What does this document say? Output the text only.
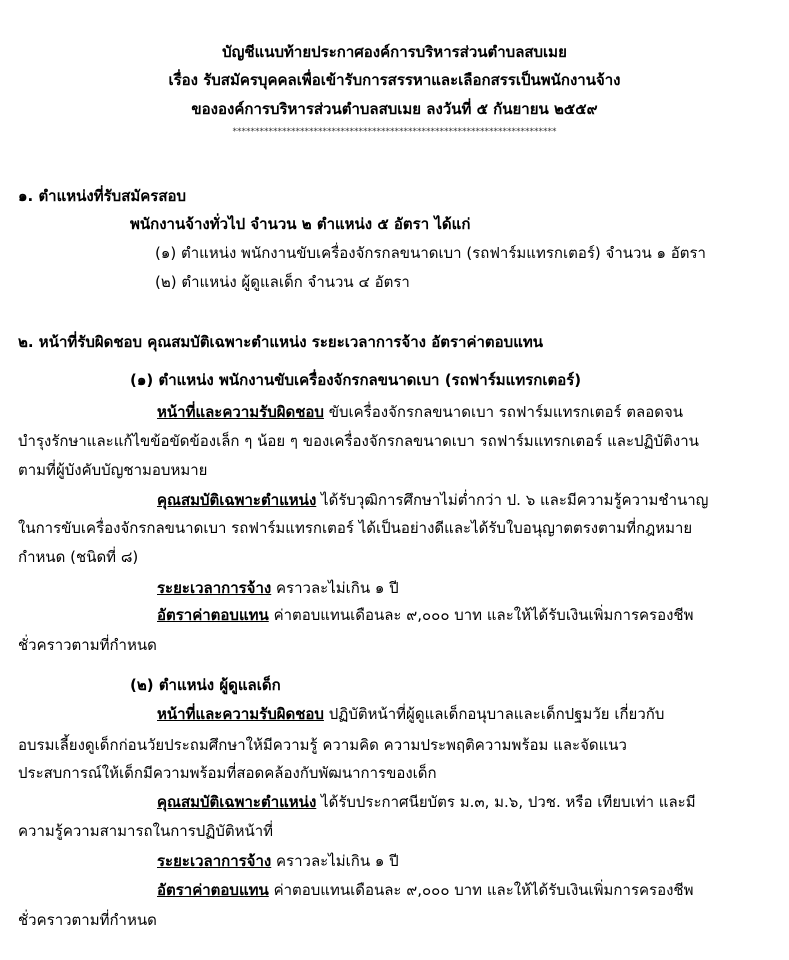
บัญชีแนบท้ายประกาศองค์การบริหารส่วนตำบลสบเมย
เรื่อง รับสมัครบุคคลเพื่อเข้ารับการสรรหาและเลือกสรรเป็นพนักงานจ้าง
ขององค์การบริหารส่วนตำบลสบเมย ลงวันที่ ๕ กันยายน ๒๕๕๙
************************************************************************
๑. ตำแหน่งที่รับสมัครสอบ
พนักงานจ้างทั่วไป จำนวน ๒ ตำแหน่ง ๕ อัตรา ได้แก่
(๑) ตำแหน่ง พนักงานขับเครื่องจักรกลขนาดเบา (รถฟาร์มแทรกเตอร์) จำนวน ๑ อัตรา
(๒) ตำแหน่ง ผู้ดูแลเด็ก จำนวน ๔ อัตรา
๒. หน้าที่รับผิดชอบ คุณสมบัติเฉพาะตำแหน่ง ระยะเวลาการจ้าง อัตราค่าตอบแทน
(๑) ตำแหน่ง พนักงานขับเครื่องจักรกลขนาดเบา (รถฟาร์มแทรกเตอร์)
หน้าที่และความรับผิดชอบ ขับเครื่องจักรกลขนาดเบา รถฟาร์มแทรกเตอร์ ตลอดจน
บำรุงรักษาและแก้ไขข้อขัดข้องเล็ก ๆ น้อย ๆ ของเครื่องจักรกลขนาดเบา รถฟาร์มแทรกเตอร์ และปฏิบัติงาน
ตามที่ผู้บังคับบัญชามอบหมาย
คุณสมบัติเฉพาะตำแหน่ง ได้รับวุฒิการศึกษาไม่ต่ำกว่า ป. ๖ และมีความรู้ความชำนาญ
ในการขับเครื่องจักรกลขนาดเบา รถฟาร์มแทรกเตอร์ ได้เป็นอย่างดีและได้รับใบอนุญาตตรงตามที่กฎหมาย
กำหนด (ชนิดที่ ๘)
ระยะเวลาการจ้าง คราวละไม่เกิน ๑ ปี
อัตราค่าตอบแทน ค่าตอบแทนเดือนละ ๙,๐๐๐ บาท และให้ได้รับเงินเพิ่มการครองชีพ
ชั่วคราวตามที่กำหนด
(๒) ตำแหน่ง ผู้ดูแลเด็ก
หน้าที่และความรับผิดชอบ ปฏิบัติหน้าที่ผู้ดูแลเด็กอนุบาลและเด็กปฐมวัย เกี่ยวกับ
อบรมเลี้ยงดูเด็กก่อนวัยประถมศึกษาให้มีความรู้ ความคิด ความประพฤติความพร้อม และจัดแนว
ประสบการณ์ให้เด็กมีความพร้อมที่สอดคล้องกับพัฒนาการของเด็ก
คุณสมบัติเฉพาะตำแหน่ง ได้รับประกาศนียบัตร ม.๓, ม.๖, ปวช. หรือ เทียบเท่า และมี
ความรู้ความสามารถในการปฏิบัติหน้าที่
ระยะเวลาการจ้าง คราวละไม่เกิน ๑ ปี
อัตราค่าตอบแทน ค่าตอบแทนเดือนละ ๙,๐๐๐ บาท และให้ได้รับเงินเพิ่มการครองชีพ
ชั่วคราวตามที่กำหนด
